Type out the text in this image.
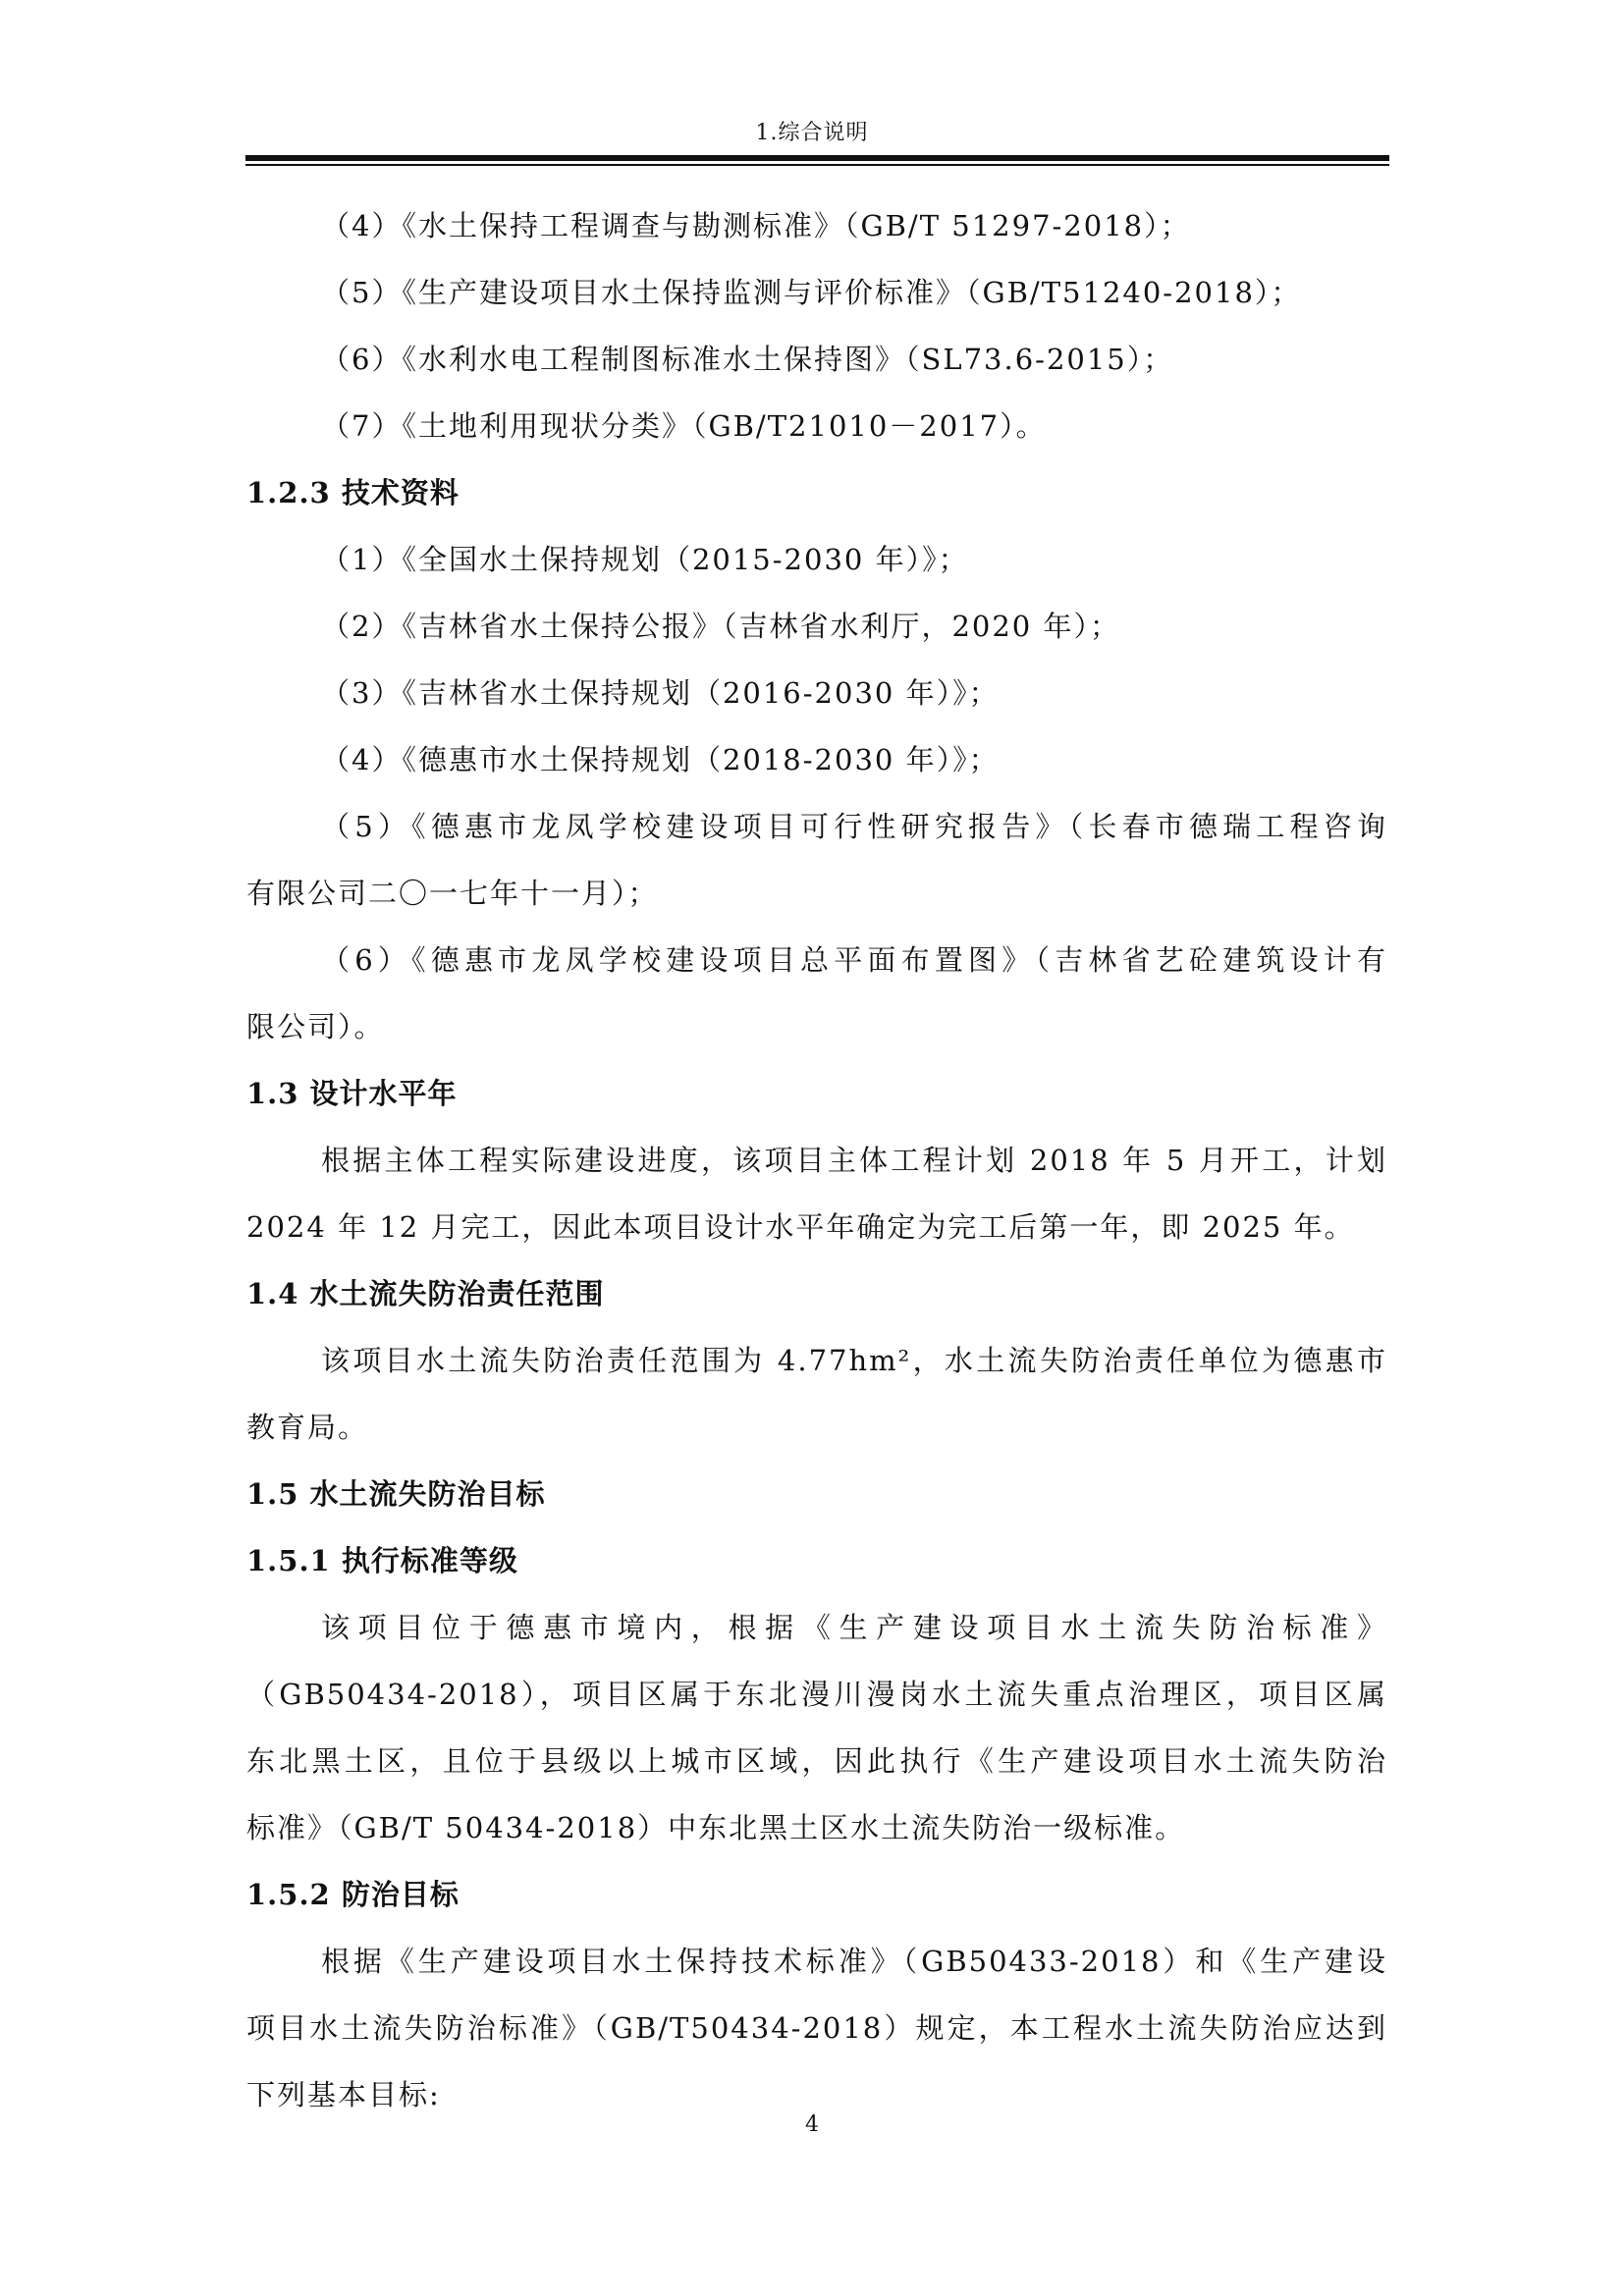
1.综合说明
（4）《水土保持工程调查与勘测标准》（GB/T 51297-2018）；
（5）《生产建设项目水土保持监测与评价标准》（GB/T51240-2018）；
（6）《水利水电工程制图标准水土保持图》（SL73.6-2015）；
（7）《土地利用现状分类》（GB/T21010－2017）。
1.2.3 技术资料
（1）《全国水土保持规划（2015-2030 年）》；
（2）《吉林省水土保持公报》（吉林省水利厅，2020 年）；
（3）《吉林省水土保持规划（2016-2030 年）》；
（4）《德惠市水土保持规划（2018-2030 年）》；
（5）《德惠市龙凤学校建设项目可行性研究报告》（长春市德瑞工程咨询
有限公司二〇一七年十一月）；
（6）《德惠市龙凤学校建设项目总平面布置图》（吉林省艺砼建筑设计有
限公司）。
1.3 设计水平年
根据主体工程实际建设进度，该项目主体工程计划 2018 年 5 月开工，计划
2024 年 12 月完工，因此本项目设计水平年确定为完工后第一年，即 2025 年。
1.4 水土流失防治责任范围
该项目水土流失防治责任范围为 4.77hm²，水土流失防治责任单位为德惠市
教育局。
1.5 水土流失防治目标
1.5.1 执行标准等级
该项目位于德惠市境内，根据《生产建设项目水土流失防治标准》
（GB50434-2018），项目区属于东北漫川漫岗水土流失重点治理区，项目区属
东北黑土区，且位于县级以上城市区域，因此执行《生产建设项目水土流失防治
标准》（GB/T 50434-2018）中东北黑土区水土流失防治一级标准。
1.5.2 防治目标
根据《生产建设项目水土保持技术标准》（GB50433-2018）和《生产建设
项目水土流失防治标准》（GB/T50434-2018）规定，本工程水土流失防治应达到
下列基本目标:
4
